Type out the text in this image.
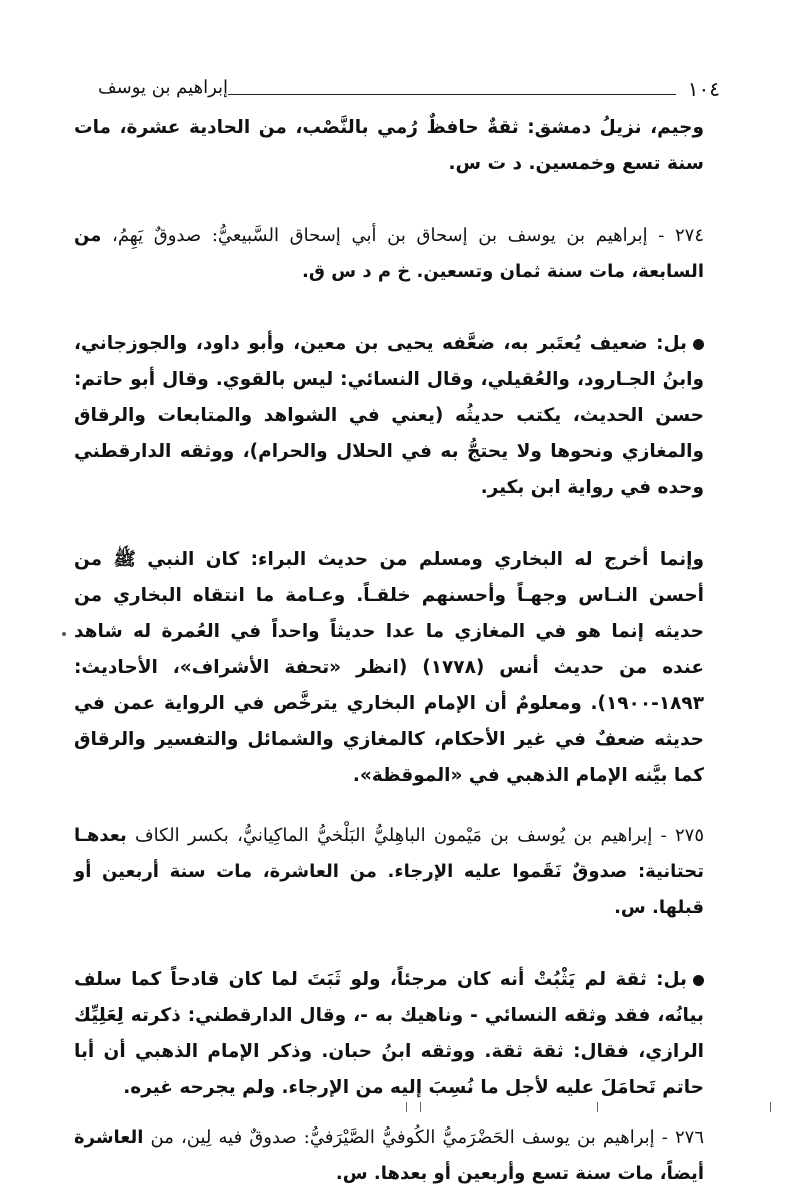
١٠٤
إبراهيم بن يوسف

وجيم، نزيلُ دمشق: ثقةٌ حافظٌ رُمي بالنَّصْب، من الحادية عشرة، مات سنة تسع وخمسين. د ت س.

٢٧٤ - إبراهيم بن يوسف بن إسحاق بن أبي إسحاق السَّبيعيُّ: صدوقٌ يَهِمُ، من السابعة، مات سنة ثمان وتسعين. خ م د س ق.

بل: ضعيف يُعتَبر به، ضعَّفه يحيى بن معين، وأبو داود، والجوزجاني، وابنُ الجـارود، والعُقيلي، وقال النسائي: ليس بالقوي. وقال أبو حاتم: حسن الحديث، يكتب حديثُه (يعني في الشواهد والمتابعات والرقاق والمغازي ونحوها ولا يحتجُّ به في الحلال والحرام)، ووثقه الدارقطني وحده في رواية ابن بكير.

وإنما أخرج له البخاري ومسلم من حديث البراء: كان النبي ﷺ من أحسن النـاس وجهـاً وأحسنهم خلقـاً. وعـامة ما انتقاه البخاري من حديثه إنما هو في المغازي ما عدا حديثاً واحداً في العُمرة له شاهد عنده من حديث أنس (١٧٧٨) (انظر «تحفة الأشراف»، الأحاديث: ١٨٩٣-١٩٠٠). ومعلومٌ أن الإمام البخاري يترخَّص في الرواية عمن في حديثه ضعفٌ في غير الأحكام، كالمغازي والشمائل والتفسير والرقاق كما بيَّنه الإمام الذهبي في «الموقظة».

٢٧٥ - إبراهيم بن يُوسف بن مَيْمون الباهِليُّ البَلْخيُّ الماكِيانيُّ، بكسر الكاف بعدهـا تحتانية: صدوقٌ نَقَموا عليه الإرجاء. من العاشرة، مات سنة أربعين أو قبلها. س.

بل: ثقة لم يَثْبُتْ أنه كان مرجئاً، ولو ثَبَتَ لما كان قادحاً كما سلف بيانُه، فقد وثقه النسائي - وناهيك به -، وقال الدارقطني: ذكرته لِعَلِيِّك الرازي، فقال: ثقة ثقة. ووثقه ابنُ حبان. وذكر الإمام الذهبي أن أبا حاتم تَحامَلَ عليه لأجل ما نُسِبَ إليه من الإرجاء. ولم يجرحه غيره.

٢٧٦ - إبراهيم بن يوسف الحَضْرَميُّ الكُوفيُّ الصَّيْرَفيُّ: صدوقٌ فيه لِين، من العاشرة أيضاً، مات سنة تسع وأربعين أو بعدها. س.
